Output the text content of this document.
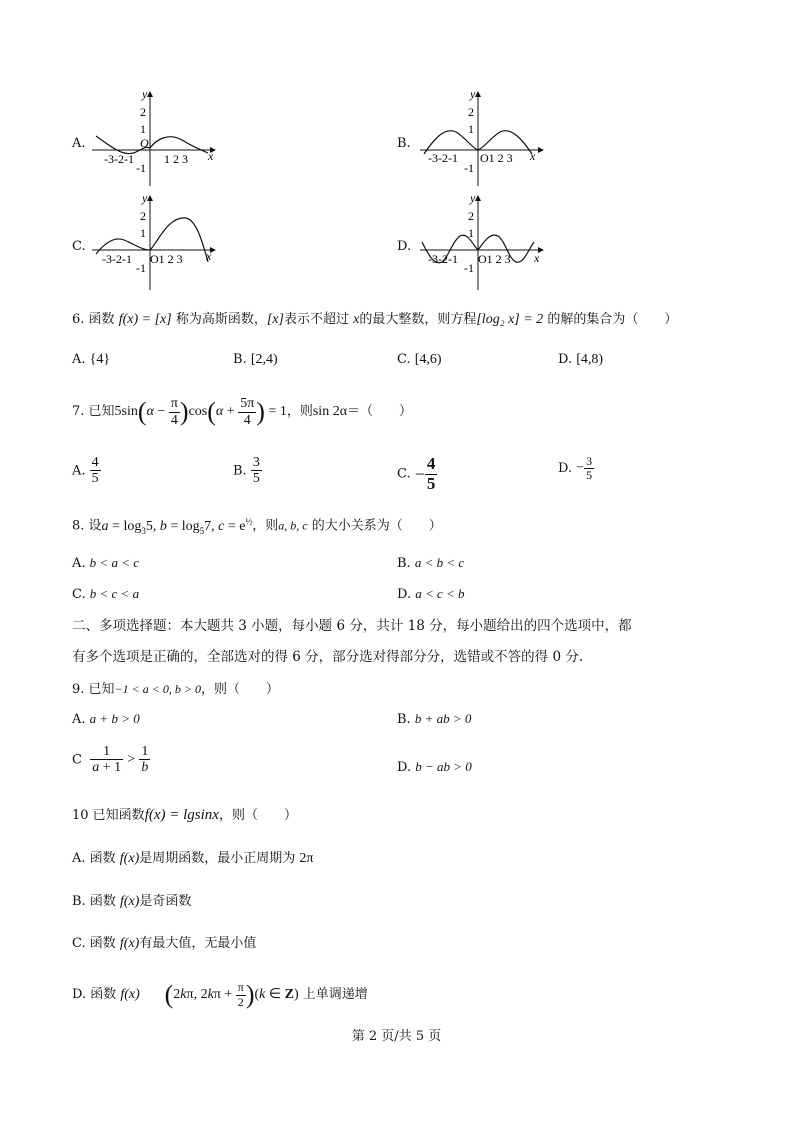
A.	B.
C.	D.
y
x
2
1
-1
O
-3-2-1	1 2 3
y
x
2
1
-1
-3-2-1 O1 2 3
y
x
2
1
-1
-3-2-1 O1 2 3
y
x
2
1
-1
-3-2-1 O1 2 3
6. 函数 f(x) = [x] 称为高斯函数，[x]表示不超过 x的最大整数，则方程[log₂ x] = 2 的解的集合为（　　）
A. {4}	B. [2,4)	C. [4,6)	D. [4,8)
7. 已知$5\sin(\alpha - \frac{\pi}{4} )\cos(\alpha + \frac{5\pi}{4}$ ) = 1，则sin 2α＝（　　）
A. $\frac{4}{5}$	B. $\frac{3}{5}$	C. − $\frac{4}{5}$	D. − $\frac{3}{5}$
8. 设$a = \log_35$, $b = \log_57$, $c = e^{\frac{1}{2}}$，则a, b, c 的大小关系为（　　）
A. b < a < c	B. a < b < c
C. b < c < a	D. a < c < b
二、多项选择题：本大题共 3 小题，每小题 6 分，共计 18 分，每小题给出的四个选项中，都
有多个选项是正确的，全部选对的得 6 分，部分选对得部分分，选错或不答的得 0 分.
9. 已知−1 < a < 0, b > 0，则（　　）
A. a + b > 0	B. b + ab > 0
C $\frac{1}{a + 1} > \frac{1}{b}$	D. b − ab > 0
10 已知函数f(x) = lgsinx，则（　　）
A. 函数 f(x)是周期函数，最小正周期为 2π
B. 函数 f(x)是奇函数
C. 函数 f(x)有最大值，无最小值
D. 函数 f(x) (2kπ, $2k\pi + \frac{\pi}{2} )(k$ ∈ Z) 上单调递增
第 2 页/共 5 页
